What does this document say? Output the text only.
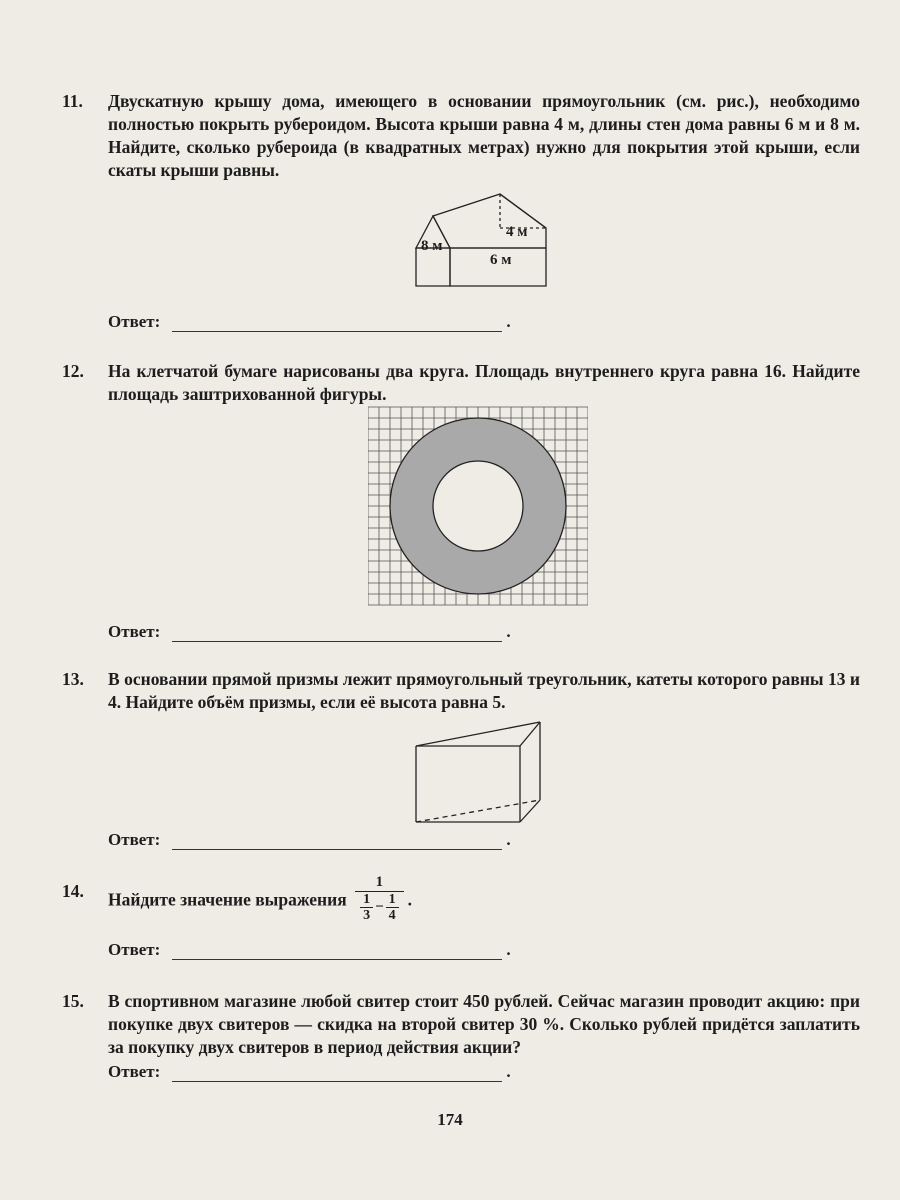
11.	Двускатную крышу дома, имеющего в основании прямоугольник (см. рис.), необходимо полностью покрыть рубероидом. Высота крыши равна 4 м, длины стен дома равны 6 м и 8 м. Найдите, сколько рубероида (в квадратных метрах) нужно для покрытия этой крыши, если скаты крыши равны.
4 м
8 м
6 м
Ответ:	.
12.	На клетчатой бумаге нарисованы два круга. Площадь внутреннего круга равна 16. Найдите площадь заштрихованной фигуры.
Ответ:	.
13.	В основании прямой призмы лежит прямоугольный треугольник, катеты которого равны 13 и 4. Найдите объём призмы, если её высота равна 5.
Ответ:	.
14.	Найдите значение выражения $\frac{1}{\frac{1}{3} - \frac{1}{4}}$ .
Ответ:	.
15.	В спортивном магазине любой свитер стоит 450 рублей. Сейчас магазин проводит акцию: при покупке двух свитеров — скидка на второй свитер 30 %. Сколько рублей придётся заплатить за покупку двух свитеров в период действия акции?
Ответ:	.
174
